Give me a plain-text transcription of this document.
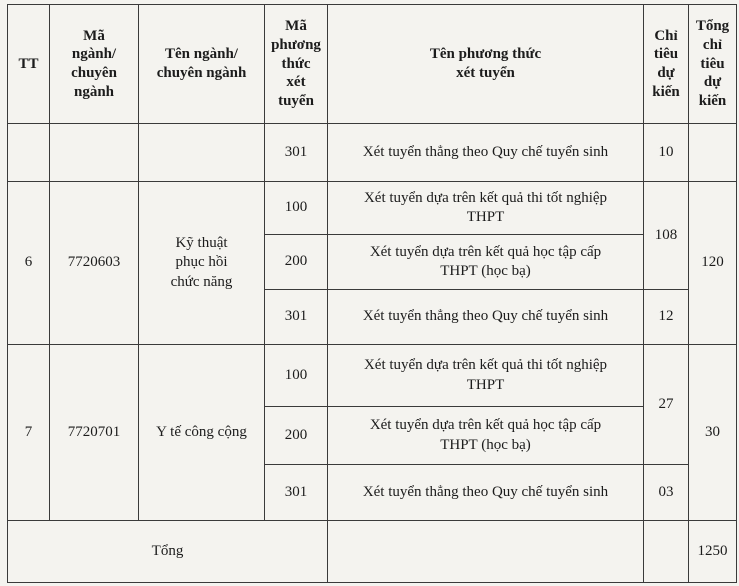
TT	Mã
ngành/
chuyên
ngành	Tên ngành/
chuyên ngành	Mã
phương
thức
xét
tuyển	Tên phương thức
xét tuyển	Chỉ
tiêu
dự
kiến	Tổng
chỉ
tiêu
dự
kiến
			301	Xét tuyển thẳng theo Quy chế tuyển sinh	10	
6	7720603	Kỹ thuật
phục hồi
chức năng	100	Xét tuyển dựa trên kết quả thi tốt nghiệp
THPT	108	120
			200	Xét tuyển dựa trên kết quả học tập cấp
THPT (học bạ)		
			301	Xét tuyển thẳng theo Quy chế tuyển sinh	12	
7	7720701	Y tế công cộng	100	Xét tuyển dựa trên kết quả thi tốt nghiệp
THPT	27	30
			200	Xét tuyển dựa trên kết quả học tập cấp
THPT (học bạ)		
			301	Xét tuyển thẳng theo Quy chế tuyển sinh	03	
Tổng						1250
